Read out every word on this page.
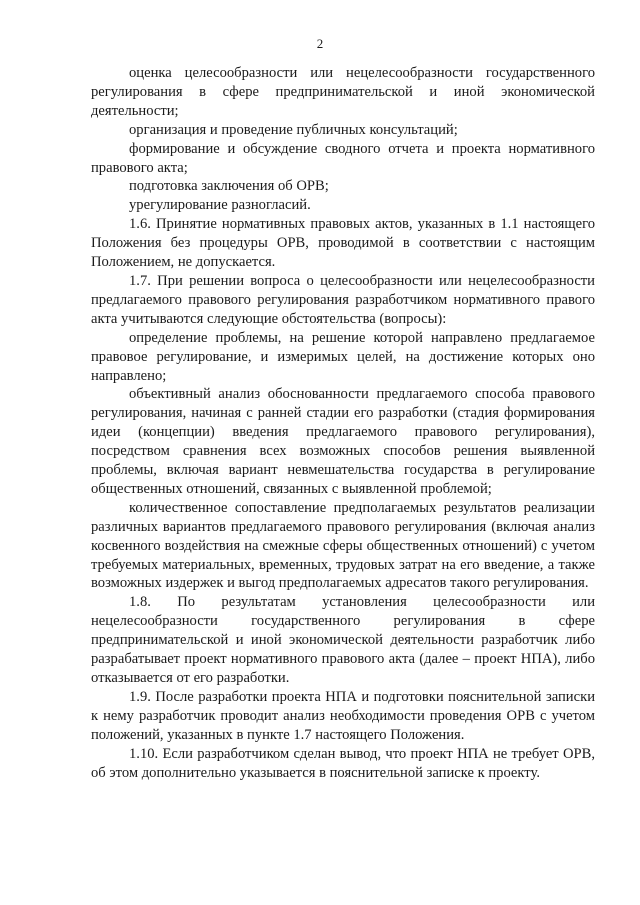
2

оценка целесообразности или нецелесообразности государственного регулирования в сфере предпринимательской и иной экономической деятельности;

организация и проведение публичных консультаций;

формирование и обсуждение сводного отчета и проекта нормативного правового акта;

подготовка заключения об ОРВ;

урегулирование разногласий.

1.6. Принятие нормативных правовых актов, указанных в 1.1 настоящего Положения без процедуры ОРВ, проводимой в соответствии с настоящим Положением, не допускается.

1.7. При решении вопроса о целесообразности или нецелесообразности предлагаемого правового регулирования разработчиком нормативного правого акта учитываются следующие обстоятельства (вопросы):

определение проблемы, на решение которой направлено предлагаемое правовое регулирование, и измеримых целей, на достижение которых оно направлено;

объективный анализ обоснованности предлагаемого способа правового регулирования, начиная с ранней стадии его разработки (стадия формирования идеи (концепции) введения предлагаемого правового регулирования), посредством сравнения всех возможных способов решения выявленной проблемы, включая вариант невмешательства государства в регулирование общественных отношений, связанных с выявленной проблемой;

количественное сопоставление предполагаемых результатов реализации различных вариантов предлагаемого правового регулирования (включая анализ косвенного воздействия на смежные сферы общественных отношений) с учетом требуемых материальных, временных, трудовых затрат на его введение, а также возможных издержек и выгод предполагаемых адресатов такого регулирования.

1.8. По результатам установления целесообразности или нецелесообразности государственного регулирования в сфере предпринимательской и иной экономической деятельности разработчик либо разрабатывает проект нормативного правового акта (далее – проект НПА), либо отказывается от его разработки.

1.9. После разработки проекта НПА и подготовки пояснительной записки к нему разработчик проводит анализ необходимости проведения ОРВ с учетом положений, указанных в пункте 1.7 настоящего Положения.

1.10. Если разработчиком сделан вывод, что проект НПА не требует ОРВ, об этом дополнительно указывается в пояснительной записке к проекту.
